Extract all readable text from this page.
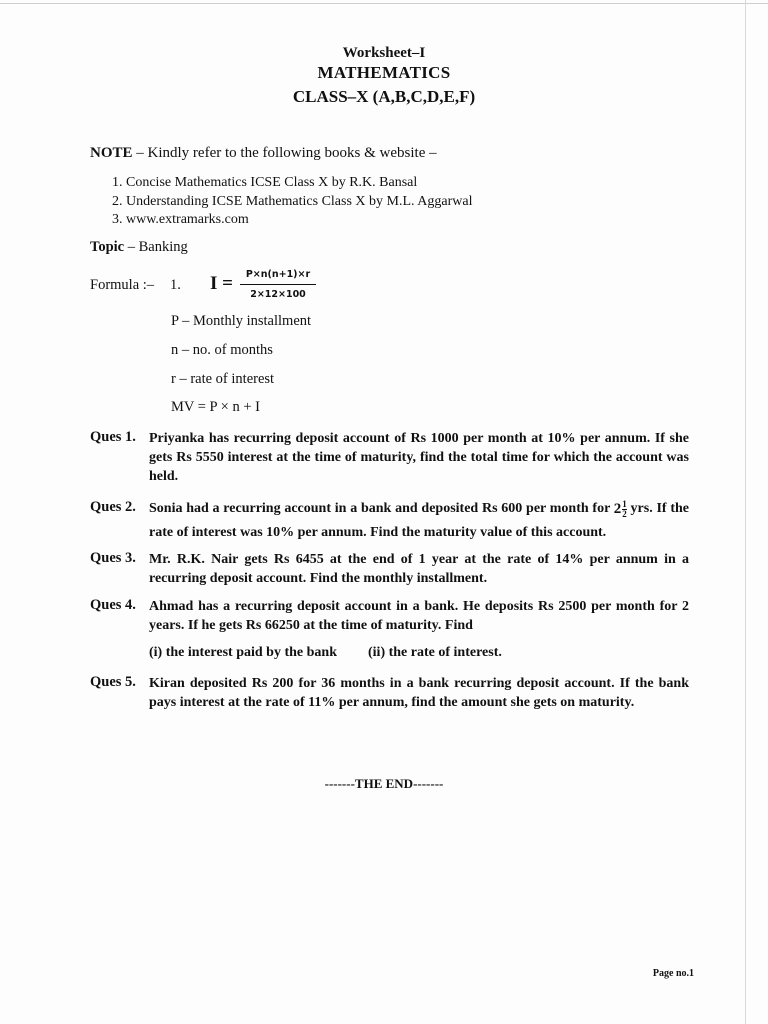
Worksheet–I
MATHEMATICS
CLASS–X (A,B,C,D,E,F)
NOTE – Kindly refer to the following books & website –
1. Concise Mathematics ICSE Class X by R.K. Bansal
2. Understanding ICSE Mathematics Class X by M.L. Aggarwal
3. www.extramarks.com
Topic – Banking
Formula :– 1. I =	P×n(n+1)×r
2×12×100
P – Monthly installment
n – no. of months
r – rate of interest
MV = P × n + I
Ques 1. Priyanka has recurring deposit account of Rs 1000 per month at 10% per annum. If she gets Rs 5550 interest at the time of maturity, find the total time for which the account was held.
Ques 2. Sonia had a recurring account in a bank and deposited Rs 600 per month for $2 \frac{1}{2}$ yrs. If the rate of interest was 10% per annum. Find the maturity value of this account.
Ques 3. Mr. R.K. Nair gets Rs 6455 at the end of 1 year at the rate of 14% per annum in a recurring deposit account. Find the monthly installment.
Ques 4. Ahmad has a recurring deposit account in a bank. He deposits Rs 2500 per month for 2 years. If he gets Rs 66250 at the time of maturity. Find
(i) the interest paid by the bank (ii) the rate of interest.
Ques 5. Kiran deposited Rs 200 for 36 months in a bank recurring deposit account. If the bank pays interest at the rate of 11% per annum, find the amount she gets on maturity.
-------THE END-------
Page no.1
